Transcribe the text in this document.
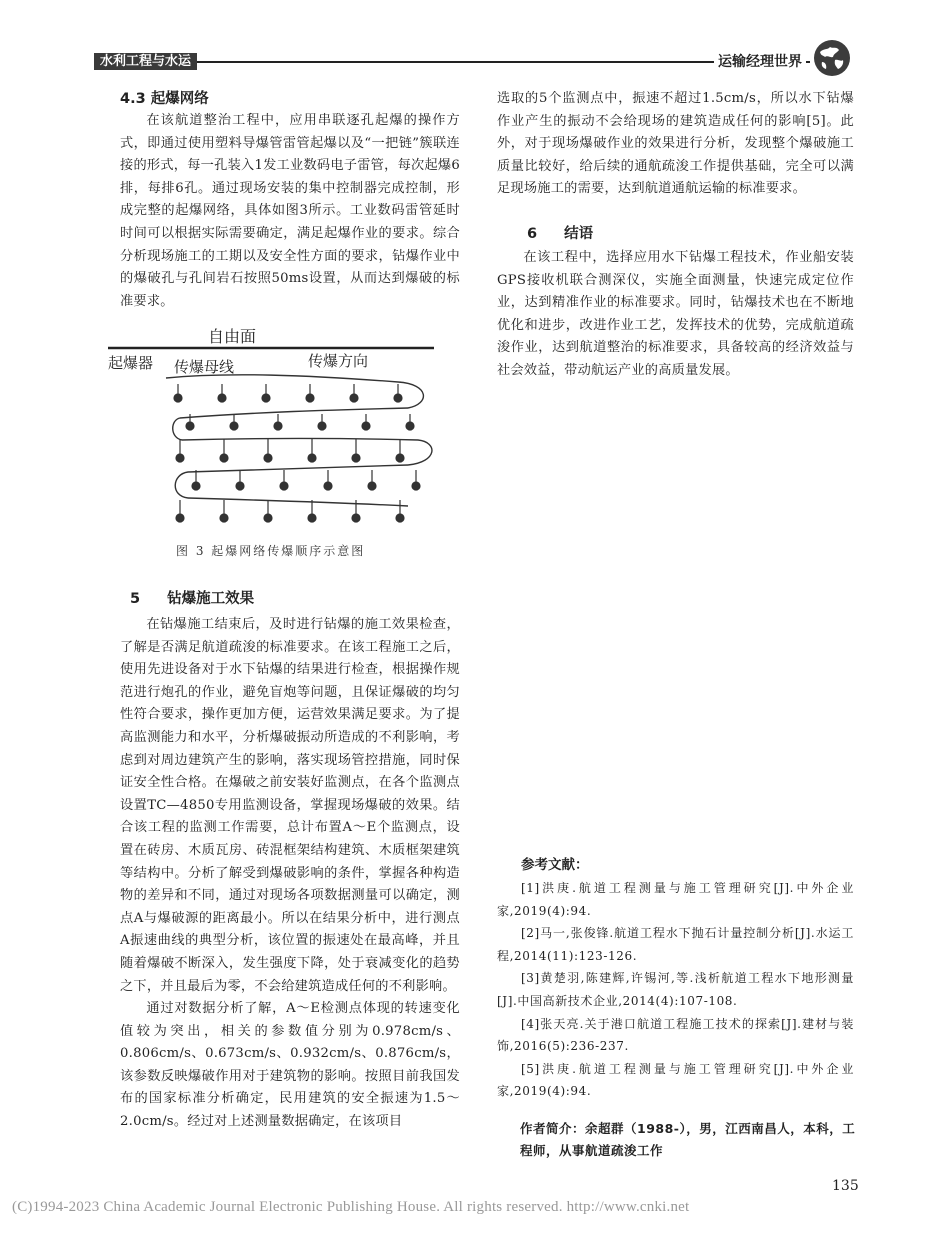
水利工程与水运	运输经理世界

4.3 起爆网络

在该航道整治工程中，应用串联逐孔起爆的操作方式，即通过使用塑料导爆管雷管起爆以及“一把链”簇联连接的形式，每一孔装入1发工业数码电子雷管，每次起爆6排，每排6孔。通过现场安装的集中控制器完成控制，形成完整的起爆网络，具体如图3所示。工业数码雷管延时时间可以根据实际需要确定，满足起爆作业的要求。综合分析现场施工的工期以及安全性方面的要求，钻爆作业中的爆破孔与孔间岩石按照50ms设置，从而达到爆破的标准要求。

自由面
起爆器 传爆母线	传爆方向
图 3 起爆网络传爆顺序示意图

5 钻爆施工效果

在钻爆施工结束后，及时进行钻爆的施工效果检查，了解是否满足航道疏浚的标准要求。在该工程施工之后，使用先进设备对于水下钻爆的结果进行检查，根据操作规范进行炮孔的作业，避免盲炮等问题，且保证爆破的均匀性符合要求，操作更加方便，运营效果满足要求。为了提高监测能力和水平，分析爆破振动所造成的不利影响，考虑到对周边建筑产生的影响，落实现场管控措施，同时保证安全性合格。在爆破之前安装好监测点，在各个监测点设置TC—4850专用监测设备，掌握现场爆破的效果。结合该工程的监测工作需要，总计布置A～E个监测点，设置在砖房、木质瓦房、砖混框架结构建筑、木质框架建筑等结构中。分析了解受到爆破影响的条件，掌握各种构造物的差异和不同，通过对现场各项数据测量可以确定，测点A与爆破源的距离最小。所以在结果分析中，进行测点A振速曲线的典型分析，该位置的振速处在最高峰，并且随着爆破不断深入，发生强度下降，处于衰减变化的趋势之下，并且最后为零，不会给建筑造成任何的不利影响。

通过对数据分析了解，A～E检测点体现的转速变化值较为突出，相关的参数值分别为0.978cm/s、0.806cm/s、0.673cm/s、0.932cm/s、0.876cm/s，该参数反映爆破作用对于建筑物的影响。按照目前我国发布的国家标准分析确定，民用建筑的安全振速为1.5～2.0cm/s。经过对上述测量数据确定，在该项目

选取的5个监测点中，振速不超过1.5cm/s，所以水下钻爆作业产生的振动不会给现场的建筑造成任何的影响[5]。此外，对于现场爆破作业的效果进行分析，发现整个爆破施工质量比较好，给后续的通航疏浚工作提供基础，完全可以满足现场施工的需要，达到航道通航运输的标准要求。

6 结语

在该工程中，选择应用水下钻爆工程技术，作业船安装GPS接收机联合测深仪，实施全面测量，快速完成定位作业，达到精准作业的标准要求。同时，钻爆技术也在不断地优化和进步，改进作业工艺，发挥技术的优势，完成航道疏浚作业，达到航道整治的标准要求，具备较高的经济效益与社会效益，带动航运产业的高质量发展。

参考文献：

[1]洪庚.航道工程测量与施工管理研究[J].中外企业家,2019(4):94.

[2]马一,张俊锋.航道工程水下抛石计量控制分析[J].水运工程,2014(11):123-126.

[3]黄楚羽,陈建辉,许锡河,等.浅析航道工程水下地形测量[J].中国高新技术企业,2014(4):107-108.

[4]张天亮.关于港口航道工程施工技术的探索[J].建材与装饰,2016(5):236-237.

[5]洪庚.航道工程测量与施工管理研究[J].中外企业家,2019(4):94.

作者简介：余超群（1988-），男，江西南昌人，本科，工程师，从事航道疏浚工作
135
(C)1994-2023 China Academic Journal Electronic Publishing House. All rights reserved. http://www.cnki.net
